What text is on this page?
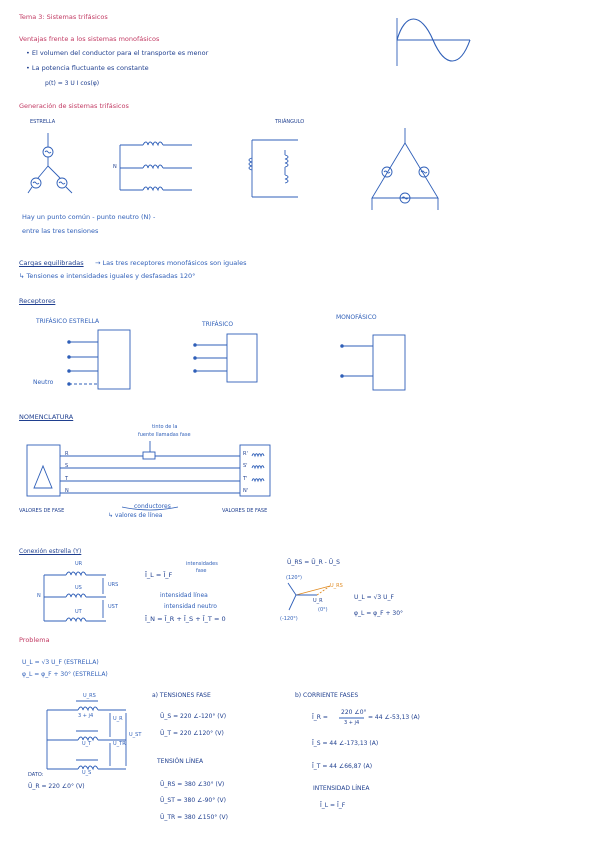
Tema 3: Sistemas trifásicos
Ventajas frente a los sistemas monofásicos
• El volumen del conductor para el transporte es menor
• La potencia fluctuante es constante
p(t) = 3 U I cos(φ)
Generación de sistemas trifásicos
ESTRELLA	TRIÁNGULO
N
Hay un punto común - punto neutro (N) -
entre las tres tensiones
Cargas equilibradas → Las tres receptores monofásicos son iguales
↳ Tensiones e intensidades iguales y desfasadas 120°
Receptores
TRIFÁSICO ESTRELLA	TRIFÁSICO
MONOFÁSICO
Neutro
NOMENCLATURA
tinto de la
fuente llamadas fase
R
S
T
N
R'
S'
T'
N'
VALORES DE FASE
conductores
↳ valores de línea
VALORES DE FASE
Conexión estrella (Y)
UR
URS
US
UST
UT
N
Ī_L = Ī_F
intensidades
fase
intensidad línea
intensidad neutro
Ī_N = Ī_R + Ī_S + Ī_T = 0
Ū_RS = Ū_R - Ū_S
(120°)
U_RS
U_R
(0°)
(-120°)
U_L = √3 U_F
φ_L = φ_F + 30°
Problema
U_L = √3 U_F (ESTRELLA)
φ_L = φ_F + 30° (ESTRELLA)
U_RS
3 + j4	U_R
U_ST
U_T	U_TR
U_S
DATO:
Ū_R = 220 ∠0° (V)
a) TENSIONES FASE
Ū_S = 220 ∠-120° (V)
Ū_T = 220 ∠120° (V)
TENSIÓN LÍNEA
Ū_RS = 380 ∠30° (V)
Ū_ST = 380 ∠-90° (V)
Ū_TR = 380 ∠150° (V)
b) CORRIENTE FASES
Ī_R =
220 ∠0°
3 + j4
= 44 ∠-53,13 (A)
Ī_S = 44 ∠-173,13 (A)
Ī_T = 44 ∠66,87 (A)
INTENSIDAD LÍNEA
Ī_L = Ī_F
